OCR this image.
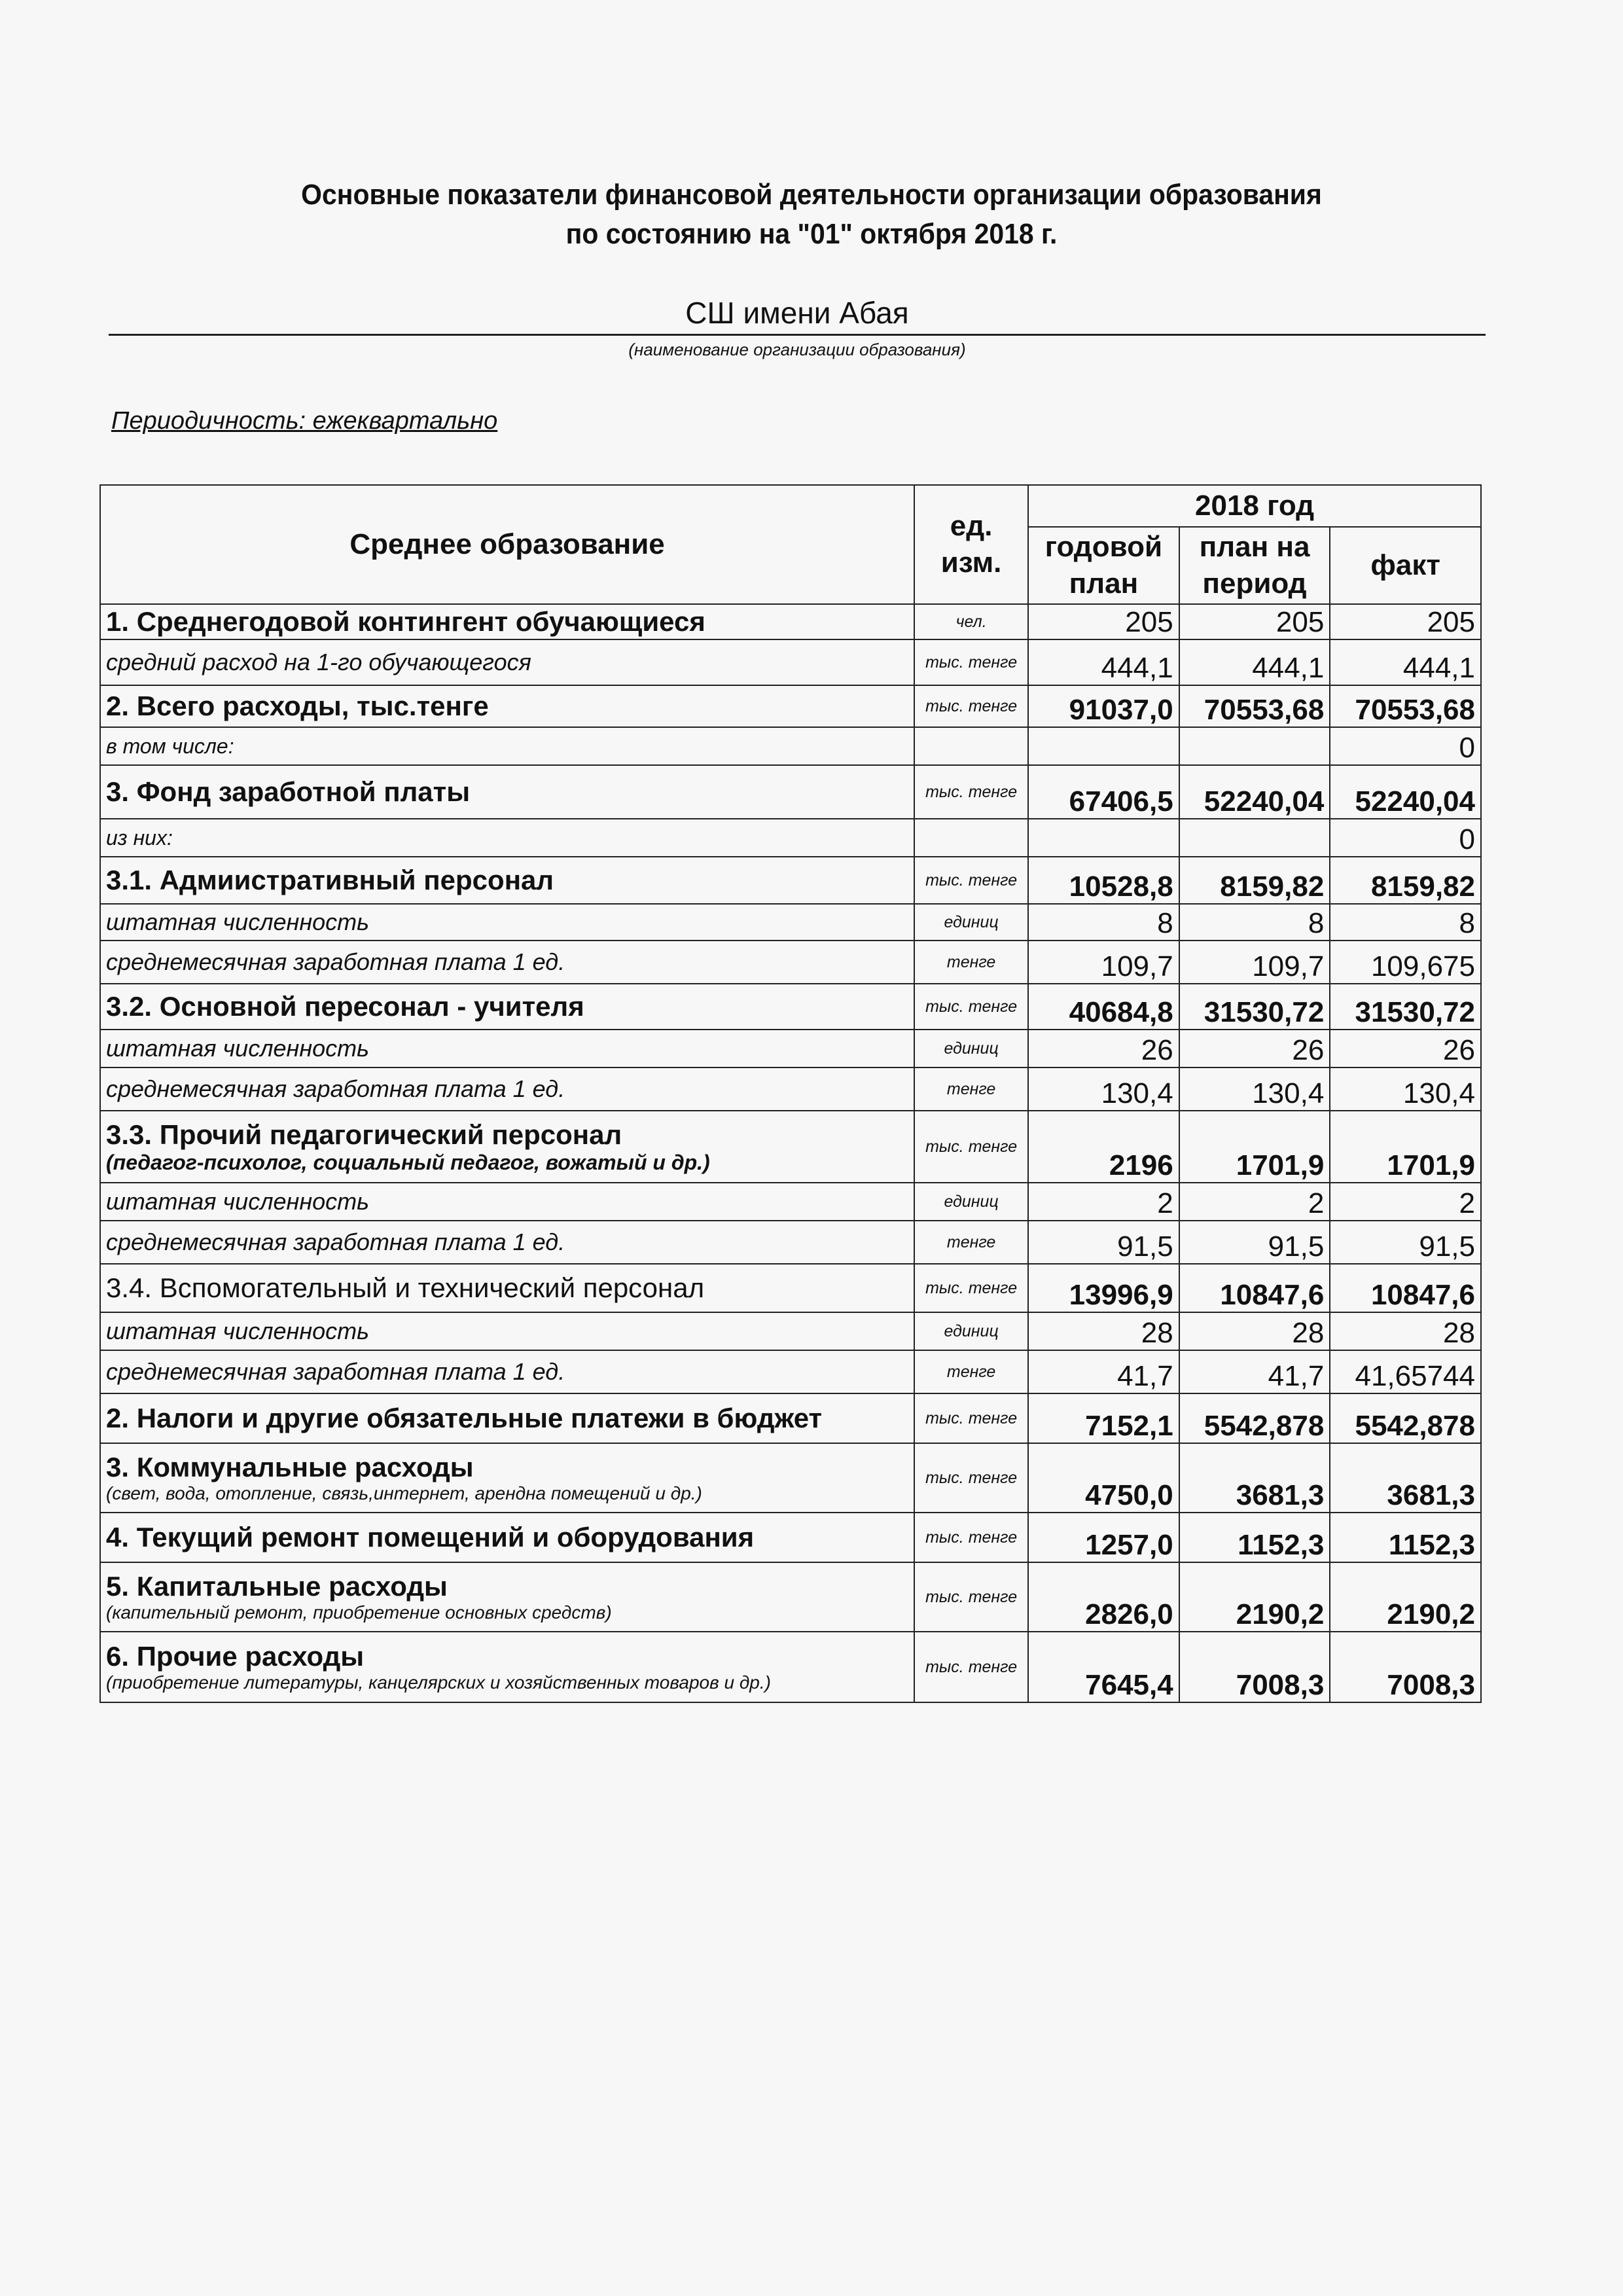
Основные показатели финансовой деятельности организации образования
по состоянию на "01" октября 2018 г.
СШ имени Абая
(наименование организации образования)
Периодичность: ежеквартально
Среднее образование	ед. изм.	2018 год		
		годовой план	план на период	факт
1. Среднегодовой контингент обучающиеся	чел.	205	205	205
средний расход на 1-го обучающегося	тыс. тенге	444,1	444,1	444,1
2. Всего расходы, тыс.тенге	тыс. тенге	91037,0	70553,68	70553,68
в том числе:				0
3. Фонд заработной платы	тыс. тенге	67406,5	52240,04	52240,04
из них:				0
3.1. Адмиистративный персонал	тыс. тенге	10528,8	8159,82	8159,82
штатная численность	единиц	8	8	8
среднемесячная заработная плата 1 ед.	тенге	109,7	109,7	109,675
3.2. Основной пересонал - учителя	тыс. тенге	40684,8	31530,72	31530,72
штатная численность	единиц	26	26	26
среднемесячная заработная плата 1 ед.	тенге	130,4	130,4	130,4
3.3. Прочий педагогический персонал
(педагог-психолог, социальный педагог, вожатый и др.)	тыс. тенге	2196	1701,9	1701,9
штатная численность	единиц	2	2	2
среднемесячная заработная плата 1 ед.	тенге	91,5	91,5	91,5
3.4. Вспомогательный и технический персонал	тыс. тенге	13996,9	10847,6	10847,6
штатная численность	единиц	28	28	28
среднемесячная заработная плата 1 ед.	тенге	41,7	41,7	41,65744
2. Налоги и другие обязательные платежи в бюджет	тыс. тенге	7152,1	5542,878	5542,878
3. Коммунальные расходы
(свет, вода, отопление, связь,интернет, арендна помещений и др.)	тыс. тенге	4750,0	3681,3	3681,3
4. Текущий ремонт помещений и оборудования	тыс. тенге	1257,0	1152,3	1152,3
5. Капитальные расходы
(капительный ремонт, приобретение основных средств)	тыс. тенге	2826,0	2190,2	2190,2
6. Прочие расходы
(приобретение литературы, канцелярских и хозяйственных товаров и др.)	тыс. тенге	7645,4	7008,3	7008,3
